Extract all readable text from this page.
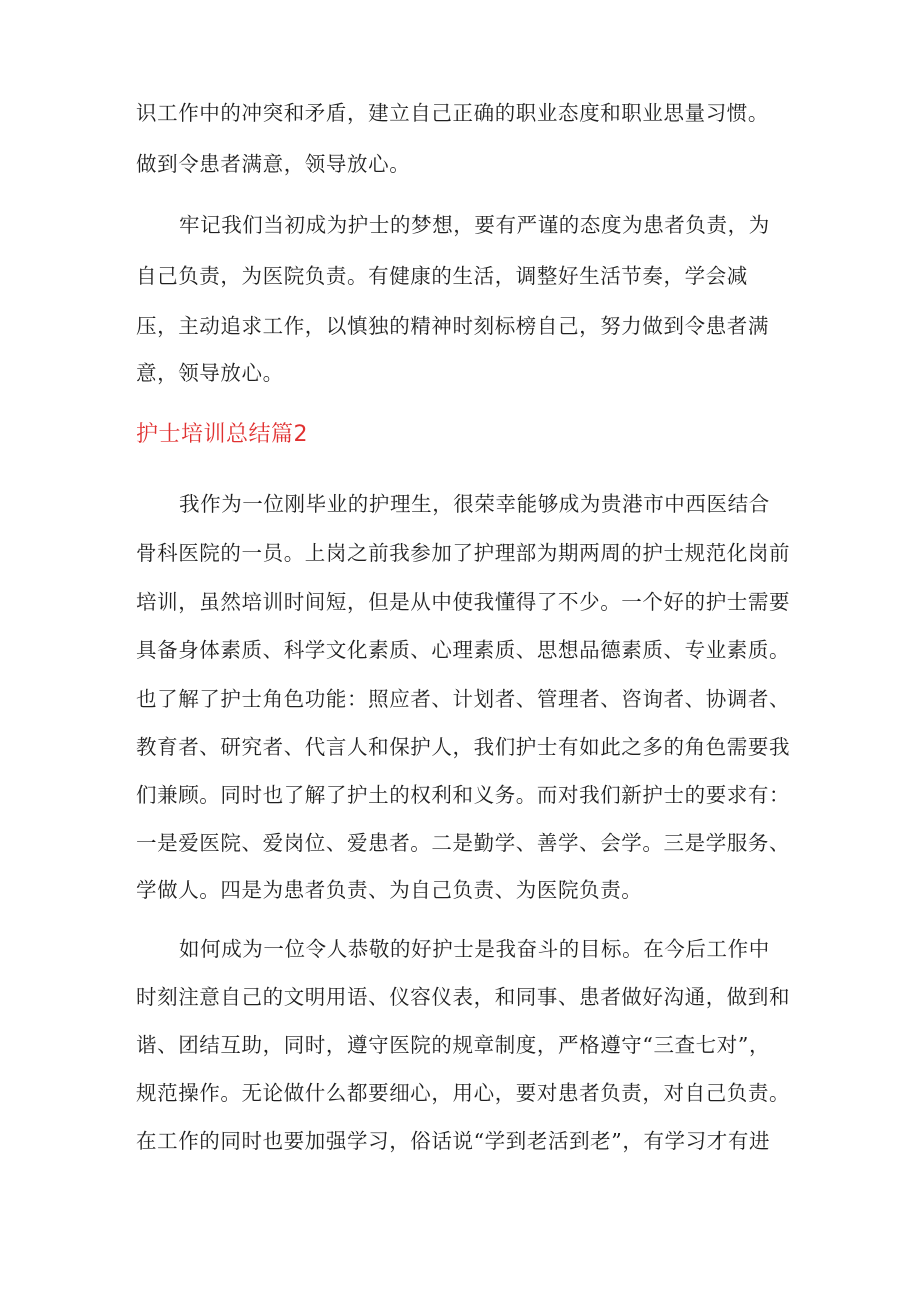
识工作中的冲突和矛盾，建立自己正确的职业态度和职业思量习惯。
做到令患者满意，领导放心。
牢记我们当初成为护士的梦想，要有严谨的态度为患者负责，为
自己负责，为医院负责。有健康的生活，调整好生活节奏，学会减
压，主动追求工作，以慎独的精神时刻标榜自己，努力做到令患者满
意，领导放心。
护士培训总结篇2
我作为一位刚毕业的护理生，很荣幸能够成为贵港市中西医结合
骨科医院的一员。上岗之前我参加了护理部为期两周的护士规范化岗前
培训，虽然培训时间短，但是从中使我懂得了不少。一个好的护士需要
具备身体素质、科学文化素质、心理素质、思想品德素质、专业素质。
也了解了护士角色功能：照应者、计划者、管理者、咨询者、协调者、
教育者、研究者、代言人和保护人，我们护士有如此之多的角色需要我
们兼顾。同时也了解了护土的权利和义务。而对我们新护士的要求有：
一是爱医院、爱岗位、爱患者。二是勤学、善学、会学。三是学服务、
学做人。四是为患者负责、为自己负责、为医院负责。
如何成为一位令人恭敬的好护士是我奋斗的目标。在今后工作中
时刻注意自己的文明用语、仪容仪表，和同事、患者做好沟通，做到和
谐、团结互助，同时，遵守医院的规章制度，严格遵守“三查七对”，
规范操作。无论做什么都要细心，用心，要对患者负责，对自己负责。
在工作的同时也要加强学习，俗话说“学到老活到老”，有学习才有进
